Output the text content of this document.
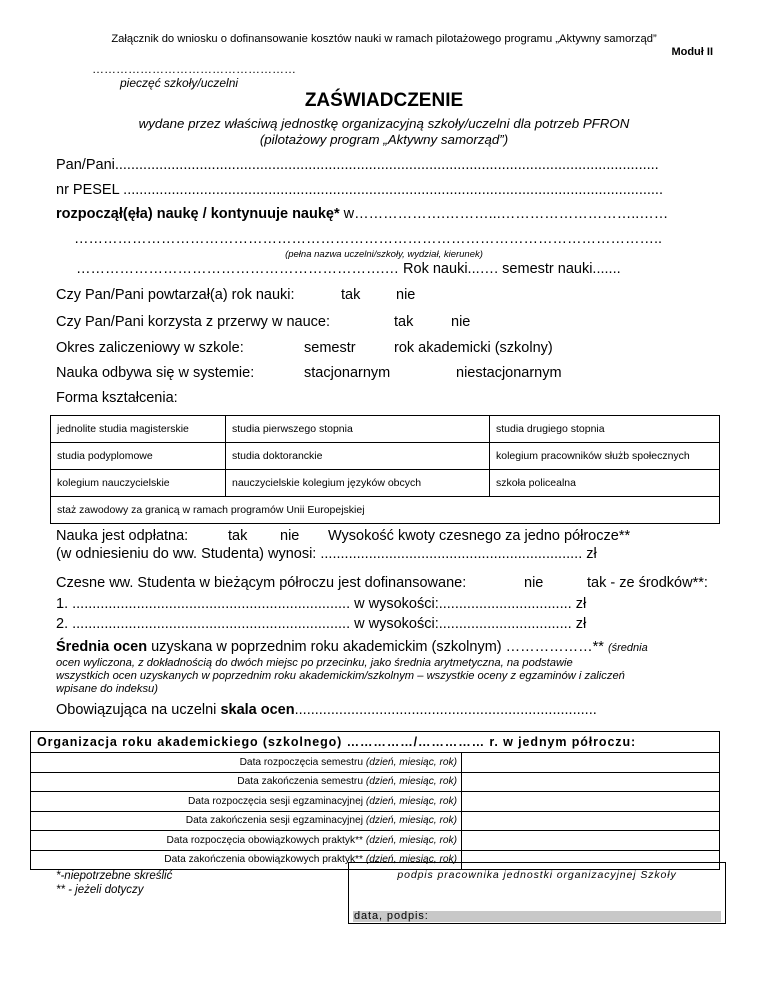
Załącznik do wniosku o dofinansowanie kosztów nauki w ramach pilotażowego programu „Aktywny samorząd”
Moduł II
……………………………………………
pieczęć szkoły/uczelni
ZAŚWIADCZENIE
wydane przez właściwą jednostkę organizacyjną szkoły/uczelni dla potrzeb PFRON
(pilotażowy program „Aktywny samorząd”)
Pan/Pani.......................................................................................................................................
nr PESEL ......................................................................................................................................
rozpoczął(ęła) naukę / kontynuuje naukę* w……………….………...………………………..……
…………………………………………………………………………………………………………..
(pełna nazwa uczelni/szkoły, wydział, kierunek)
……………………………………………………….… Rok nauki...…. semestr nauki.......
Czy Pan/Pani powtarzał(a) rok nauki:	tak nie
Czy Pan/Pani korzysta z przerwy w nauce:	tak	nie
Okres zaliczeniowy w szkole:	semestr	rok akademicki (szkolny)
Nauka odbywa się w systemie:	stacjonarnym	niestacjonarnym
Forma kształcenia:
jednolite studia magisterskie	studia pierwszego stopnia	studia drugiego stopnia
studia podyplomowe	studia doktoranckie	kolegium pracowników służb społecznych
kolegium nauczycielskie	nauczycielskie kolegium języków obcych	szkoła policealna
staż zawodowy za granicą w ramach programów Unii Europejskiej		
Nauka jest odpłatna:	tak nie Wysokość kwoty czesnego za jedno półrocze**
(w odniesieniu do ww. Studenta) wynosi: ................................................................. zł
Czesne ww. Studenta w bieżącym półroczu jest dofinansowane:	nie	tak - ze środków**:
1. ..................................................................... w wysokości:................................. zł
2. ..................................................................... w wysokości:................................. zł
Średnia ocen uzyskana w poprzednim roku akademickim (szkolnym) ………………** (średnia
ocen wyliczona, z dokładnością do dwóch miejsc po przecinku, jako średnia arytmetyczna, na podstawie
wszystkich ocen uzyskanych w poprzednim roku akademickim/szkolnym – wszystkie oceny z egzaminów i zaliczeń
wpisane do indeksu)
Obowiązująca na uczelni skala ocen...........................................................................
Organizacja roku akademickiego (szkolnego) ……………/…………… r. w jednym półroczu:
Data rozpoczęcia semestru (dzień, miesiąc, rok)	
Data zakończenia semestru (dzień, miesiąc, rok)	
Data rozpoczęcia sesji egzaminacyjnej (dzień, miesiąc, rok)	
Data zakończenia sesji egzaminacyjnej (dzień, miesiąc, rok)	
Data rozpoczęcia obowiązkowych praktyk** (dzień, miesiąc, rok)	
Data zakończenia obowiązkowych praktyk** (dzień, miesiąc, rok)	
*-niepotrzebne skreślić
** - jeżeli dotyczy
podpis pracownika jednostki organizacyjnej Szkoły
data, podpis:
